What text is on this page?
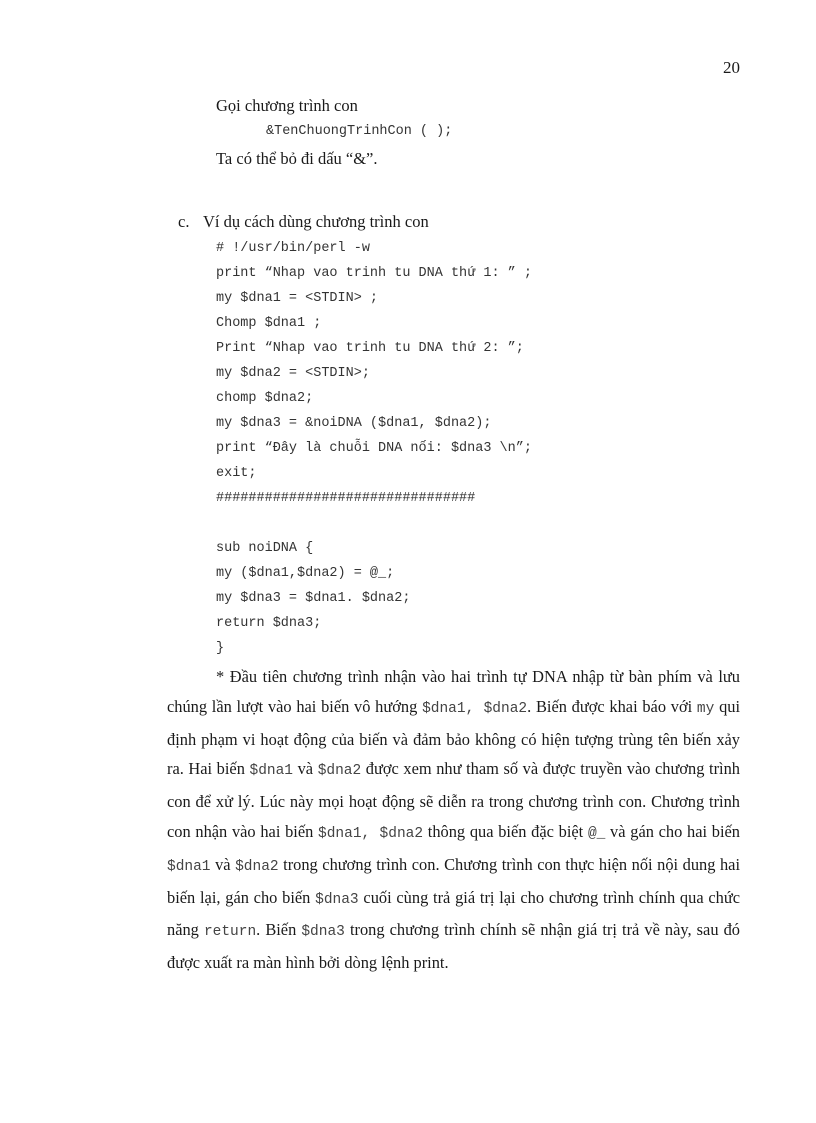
20
Gọi chương trình con
&TenChuongTrinhCon ( );
Ta có thể bỏ đi dấu “&”.
c. Ví dụ cách dùng chương trình con
# !/usr/bin/perl -w
print “Nhap vao trinh tu DNA thứ 1: ” ;
my $dna1 = <STDIN> ;
Chomp $dna1 ;
Print “Nhap vao trinh tu DNA thứ 2: ”;
my $dna2 = <STDIN>;
chomp $dna2;
my $dna3 = &noiDNA ($dna1, $dna2);
print “Đây là chuỗi DNA nối: $dna3 \n”;
exit;
################################
sub noiDNA {
my ($dna1,$dna2) = @_;
my $dna3 = $dna1. $dna2;
return $dna3;
}

* Đầu tiên chương trình nhận vào hai trình tự DNA nhập từ bàn phím và lưu chúng lần lượt vào hai biến vô hướng $dna1, $dna2. Biến được khai báo với my qui định phạm vi hoạt động của biến và đảm bảo không có hiện tượng trùng tên biến xảy ra. Hai biến $dna1 và $dna2 được xem như tham số và được truyền vào chương trình con để xử lý. Lúc này mọi hoạt động sẽ diễn ra trong chương trình con. Chương trình con nhận vào hai biến $dna1, $dna2 thông qua biến đặc biệt @_ và gán cho hai biến $dna1 và $dna2 trong chương trình con. Chương trình con thực hiện nối nội dung hai biến lại, gán cho biến $dna3 cuối cùng trả giá trị lại cho chương trình chính qua chức năng return. Biến $dna3 trong chương trình chính sẽ nhận giá trị trả về này, sau đó được xuất ra màn hình bởi dòng lệnh print.
